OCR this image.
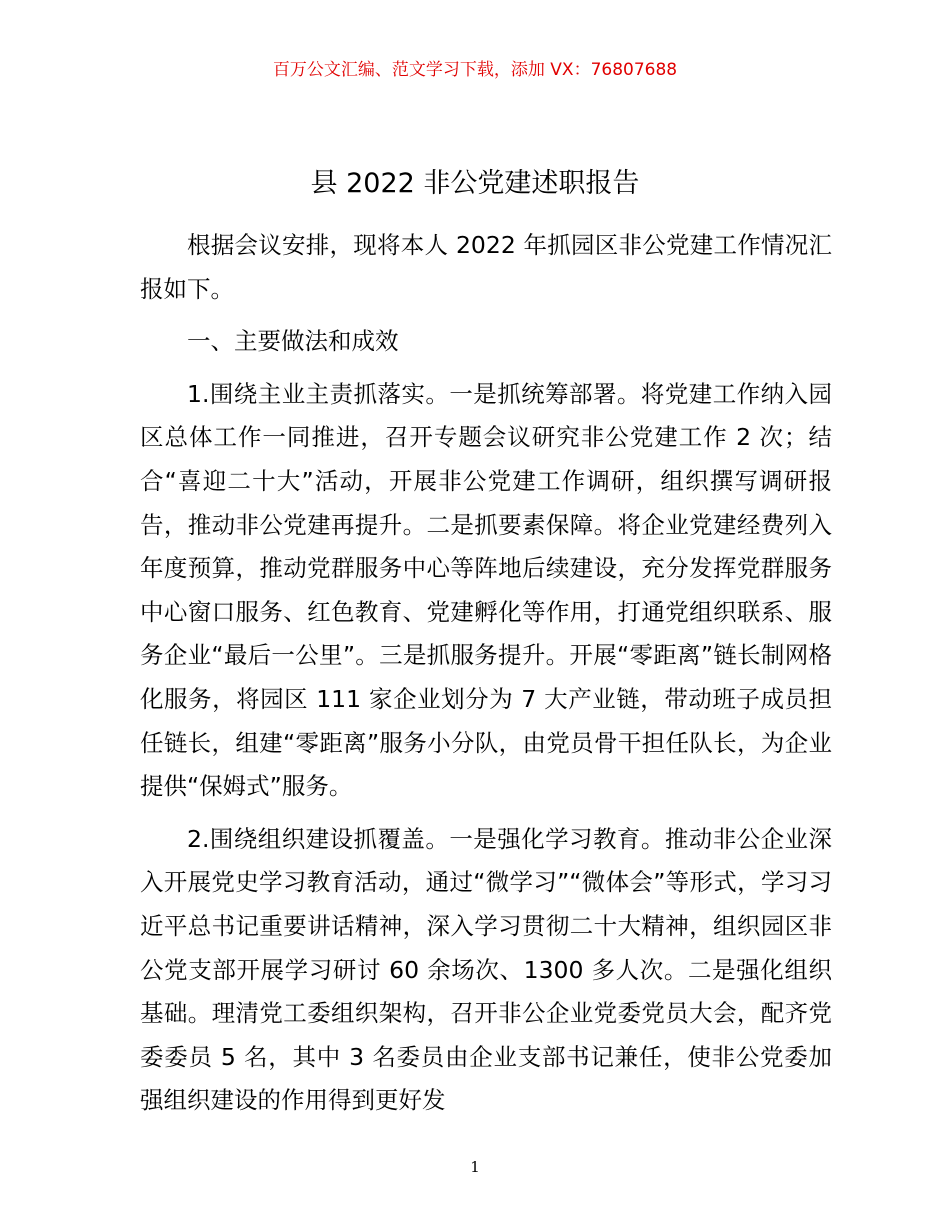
百万公文汇编、范文学习下载，添加 VX：76807688
县 2022 非公党建述职报告

根据会议安排，现将本人 2022 年抓园区非公党建工作情况汇报如下。

一、主要做法和成效

1.围绕主业主责抓落实。一是抓统筹部署。将党建工作纳入园区总体工作一同推进，召开专题会议研究非公党建工作 2 次；结合“喜迎二十大”活动，开展非公党建工作调研，组织撰写调研报告，推动非公党建再提升。二是抓要素保障。将企业党建经费列入年度预算，推动党群服务中心等阵地后续建设，充分发挥党群服务中心窗口服务、红色教育、党建孵化等作用，打通党组织联系、服务企业“最后一公里”。三是抓服务提升。开展“零距离”链长制网格化服务，将园区 111 家企业划分为 7 大产业链，带动班子成员担任链长，组建“零距离”服务小分队，由党员骨干担任队长，为企业提供“保姆式”服务。

2.围绕组织建设抓覆盖。一是强化学习教育。推动非公企业深入开展党史学习教育活动，通过“微学习”“微体会”等形式，学习习近平总书记重要讲话精神，深入学习贯彻二十大精神，组织园区非公党支部开展学习研讨 60 余场次、1300 多人次。二是强化组织基础。理清党工委组织架构，召开非公企业党委党员大会，配齐党委委员 5 名，其中 3 名委员由企业支部书记兼任，使非公党委加强组织建设的作用得到更好发

1
